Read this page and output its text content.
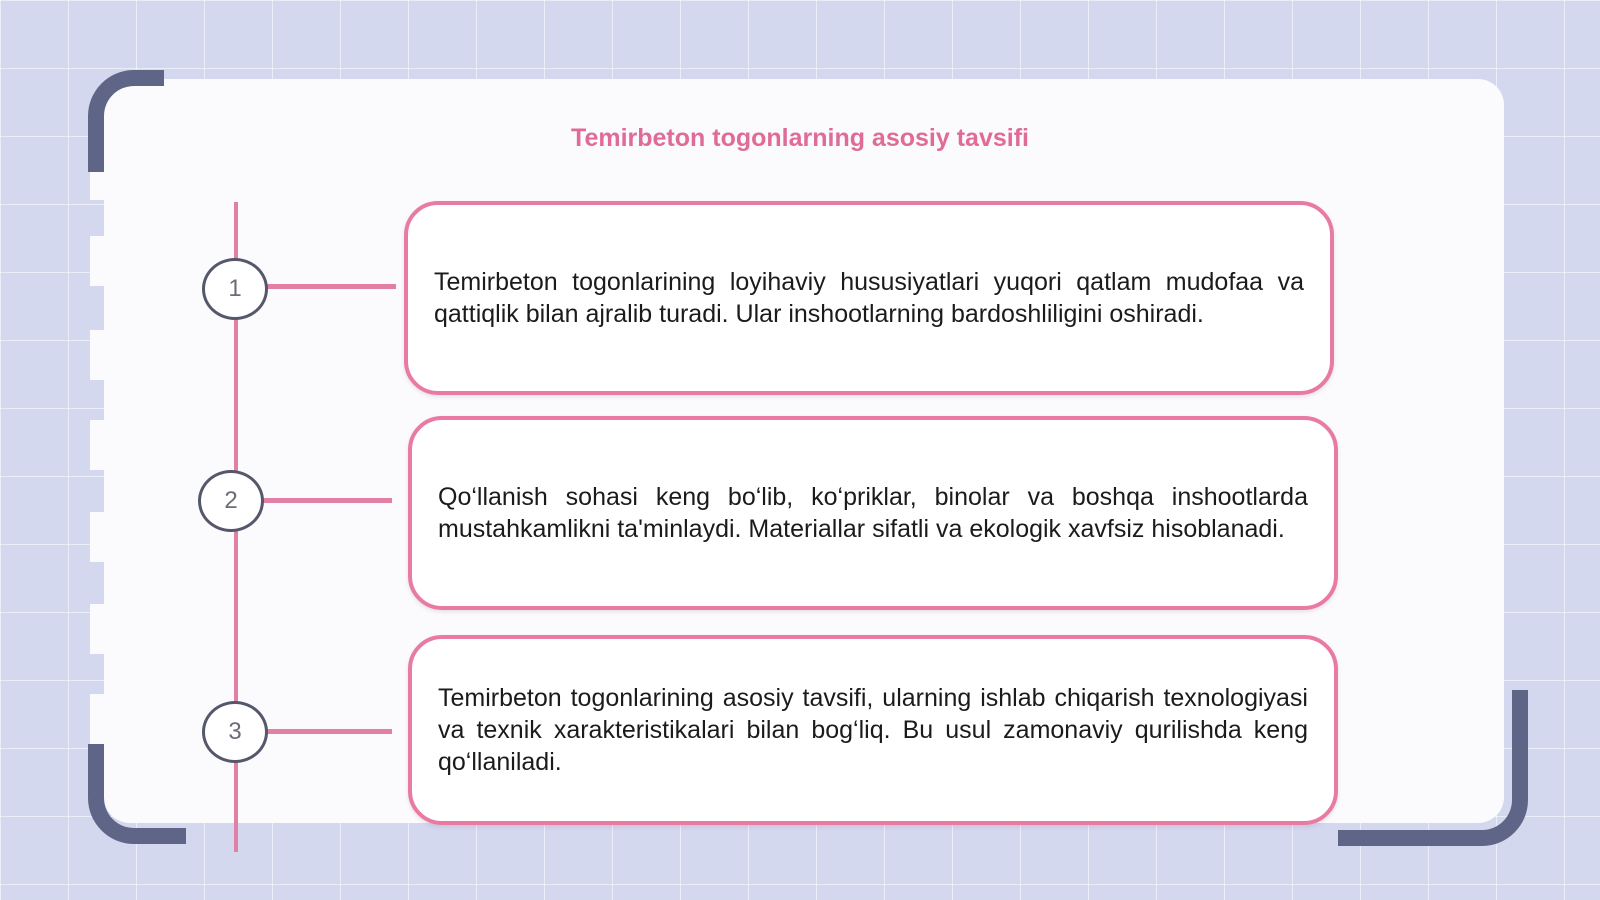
Temirbeton togonlarning asosiy tavsifi
1	Temirbeton togonlarining loyihaviy hususiyatlari yuqori qatlam mudofaa va qattiqlik bilan ajralib turadi. Ular inshootlarning bardoshliligini oshiradi.

2	Qo‘llanish sohasi keng bo‘lib, ko‘priklar, binolar va boshqa inshootlarda mustahkamlikni ta'minlaydi. Materiallar sifatli va ekologik xavfsiz hisoblanadi.

3

Temirbeton togonlarining asosiy tavsifi, ularning ishlab chiqarish texnologiyasi va texnik xarakteristikalari bilan bog‘liq. Bu usul zamonaviy qurilishda keng qo‘llaniladi.
